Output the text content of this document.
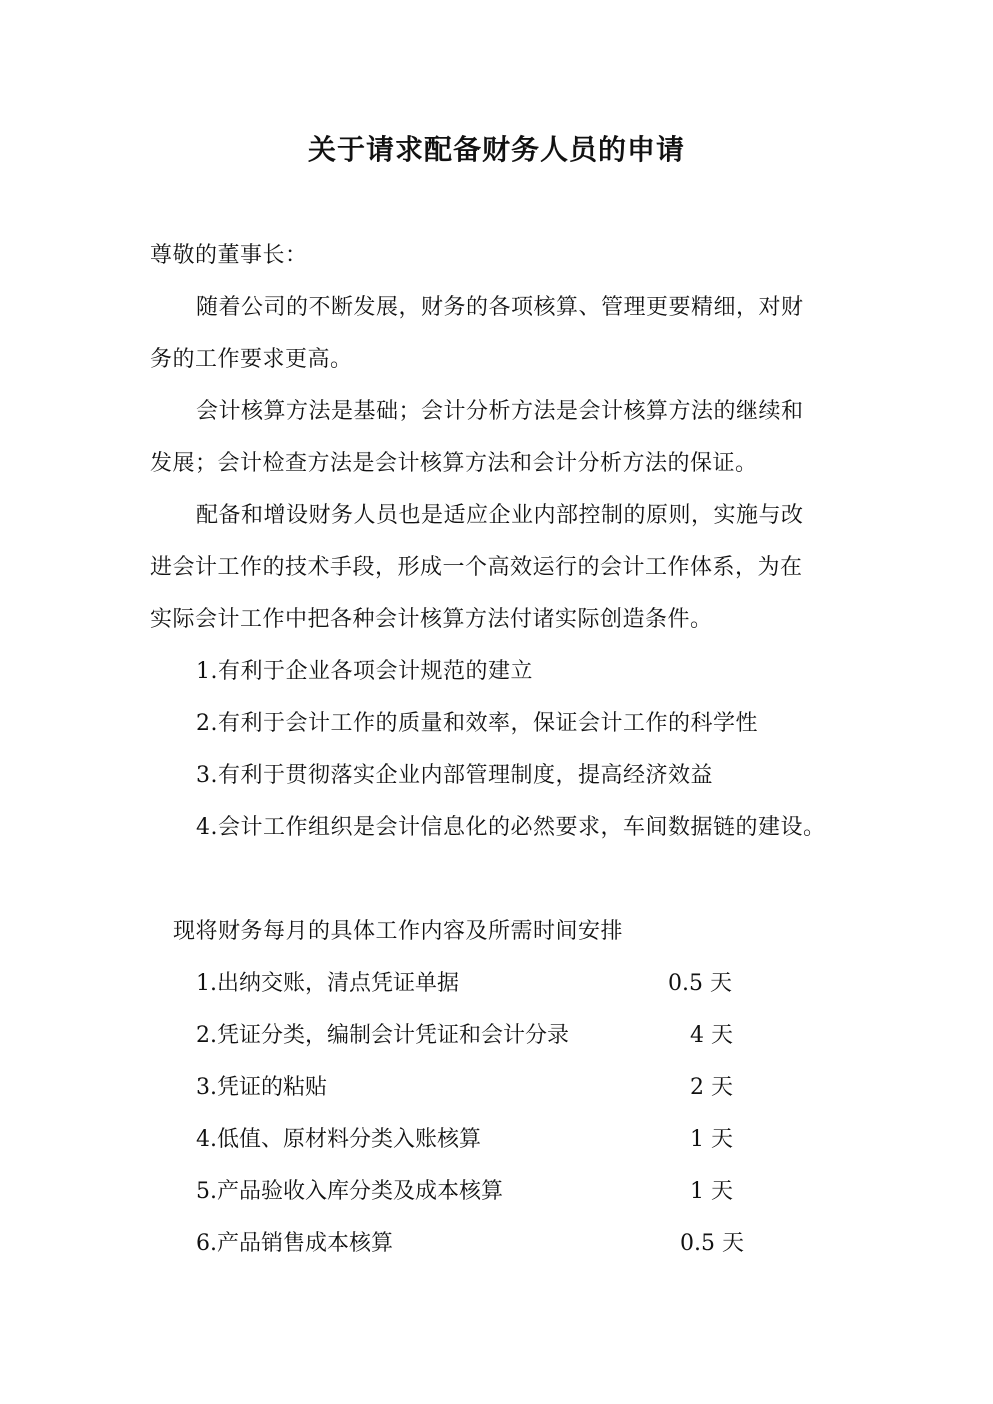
关于请求配备财务人员的申请
尊敬的董事长：
随着公司的不断发展，财务的各项核算、管理更要精细，对财
务的工作要求更高。
会计核算方法是基础；会计分析方法是会计核算方法的继续和
发展；会计检查方法是会计核算方法和会计分析方法的保证。
配备和增设财务人员也是适应企业内部控制的原则，实施与改
进会计工作的技术手段，形成一个高效运行的会计工作体系，为在
实际会计工作中把各种会计核算方法付诸实际创造条件。
1.有利于企业各项会计规范的建立
2.有利于会计工作的质量和效率，保证会计工作的科学性
3.有利于贯彻落实企业内部管理制度，提高经济效益
4.会计工作组织是会计信息化的必然要求，车间数据链的建设。
现将财务每月的具体工作内容及所需时间安排
1.出纳交账，清点凭证单据	0.5 天
2.凭证分类，编制会计凭证和会计分录	4 天
3.凭证的粘贴	2 天
4.低值、原材料分类入账核算	1 天
5.产品验收入库分类及成本核算	1 天
6.产品销售成本核算	0.5 天
